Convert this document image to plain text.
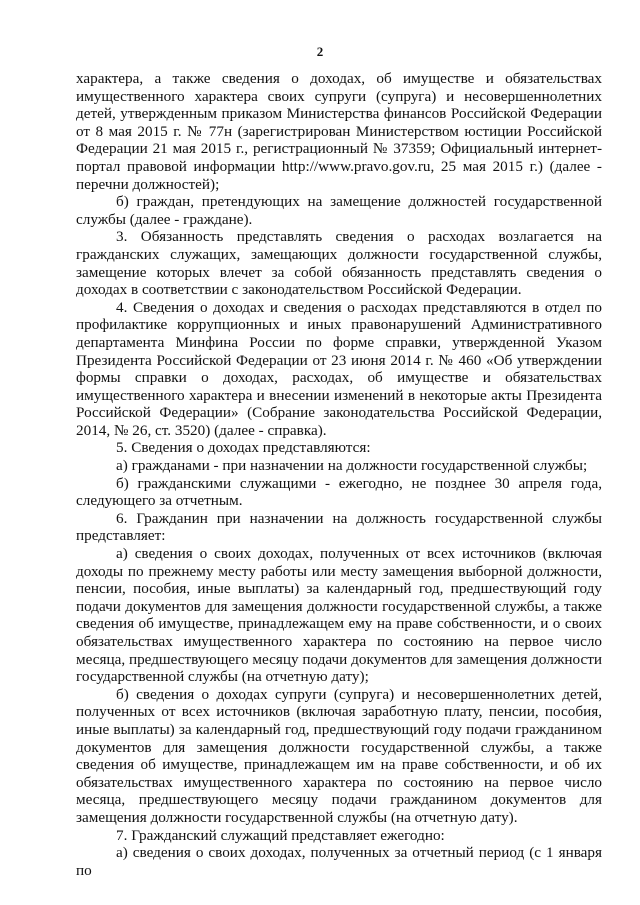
2

характера, а также сведения о доходах, об имуществе и обязательствах имущественного характера своих супруги (супруга) и несовершеннолетних детей, утвержденным приказом Министерства финансов Российской Федерации от 8 мая 2015 г. № 77н (зарегистрирован Министерством юстиции Российской Федерации 21 мая 2015 г., регистрационный № 37359; Официальный интернет-портал правовой информации http://www.pravo.gov.ru, 25 мая 2015 г.) (далее - перечни должностей);

б) граждан, претендующих на замещение должностей государственной службы (далее - граждане).

3. Обязанность представлять сведения о расходах возлагается на гражданских служащих, замещающих должности государственной службы, замещение которых влечет за собой обязанность представлять сведения о доходах в соответствии с законодательством Российской Федерации.

4. Сведения о доходах и сведения о расходах представляются в отдел по профилактике коррупционных и иных правонарушений Административного департамента Минфина России по форме справки, утвержденной Указом Президента Российской Федерации от 23 июня 2014 г. № 460 «Об утверждении формы справки о доходах, расходах, об имуществе и обязательствах имущественного характера и внесении изменений в некоторые акты Президента Российской Федерации» (Собрание законодательства Российской Федерации, 2014, № 26, ст. 3520) (далее - справка).

5. Сведения о доходах представляются:

а) гражданами - при назначении на должности государственной службы;

б) гражданскими служащими - ежегодно, не позднее 30 апреля года, следующего за отчетным.

6. Гражданин при назначении на должность государственной службы представляет:

а) сведения о своих доходах, полученных от всех источников (включая доходы по прежнему месту работы или месту замещения выборной должности, пенсии, пособия, иные выплаты) за календарный год, предшествующий году подачи документов для замещения должности государственной службы, а также сведения об имуществе, принадлежащем ему на праве собственности, и о своих обязательствах имущественного характера по состоянию на первое число месяца, предшествующего месяцу подачи документов для замещения должности государственной службы (на отчетную дату);

б) сведения о доходах супруги (супруга) и несовершеннолетних детей, полученных от всех источников (включая заработную плату, пенсии, пособия, иные выплаты) за календарный год, предшествующий году подачи гражданином документов для замещения должности государственной службы, а также сведения об имуществе, принадлежащем им на праве собственности, и об их обязательствах имущественного характера по состоянию на первое число месяца, предшествующего месяцу подачи гражданином документов для замещения должности государственной службы (на отчетную дату).

7. Гражданский служащий представляет ежегодно:

а) сведения о своих доходах, полученных за отчетный период (с 1 января по
